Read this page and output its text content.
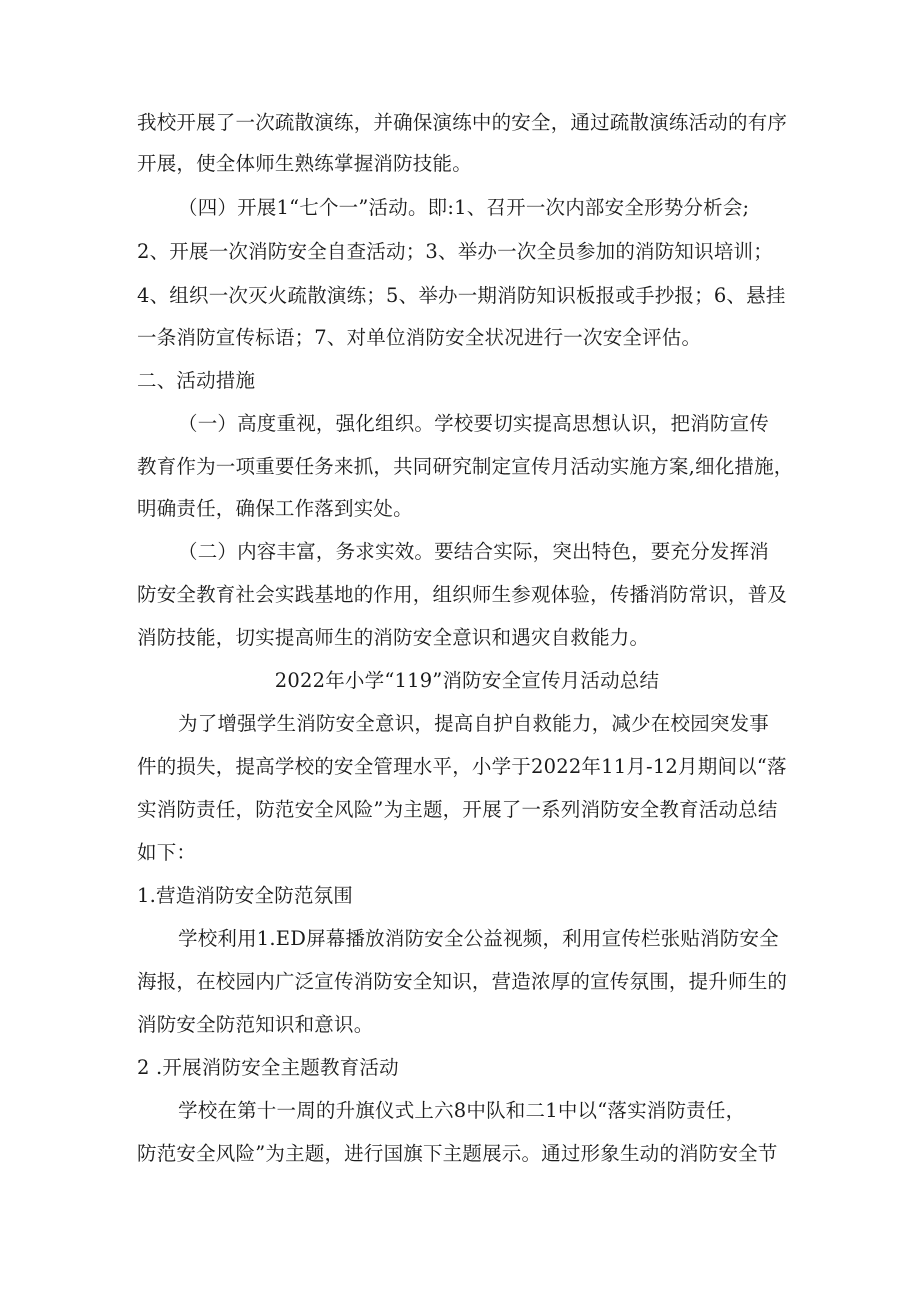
我校开展了一次疏散演练，并确保演练中的安全，通过疏散演练活动的有序
开展，使全体师生熟练掌握消防技能。
（四）开展1“七个一”活动。即:1、召开一次内部安全形势分析会;
2、开展一次消防安全自查活动；3、举办一次全员参加的消防知识培训；
4、组织一次灭火疏散演练；5、举办一期消防知识板报或手抄报；6、悬挂
一条消防宣传标语；7、对单位消防安全状况进行一次安全评估。
二、活动措施
（一）高度重视，强化组织。学校要切实提高思想认识，把消防宣传
教育作为一项重要任务来抓，共同研究制定宣传月活动实施方案,细化措施，
明确责任，确保工作落到实处。
（二）内容丰富，务求实效。要结合实际，突出特色，要充分发挥消
防安全教育社会实践基地的作用，组织师生参观体验，传播消防常识，普及
消防技能，切实提高师生的消防安全意识和遇灾自救能力。
2022年小学“119”消防安全宣传月活动总结
为了增强学生消防安全意识，提高自护自救能力，减少在校园突发事
件的损失，提高学校的安全管理水平，小学于2022年11月-12月期间以“落
实消防责任，防范安全风险”为主题，开展了一系列消防安全教育活动总结
如下：
1.营造消防安全防范氛围
学校利用1.ED屏幕播放消防安全公益视频，利用宣传栏张贴消防安全
海报，在校园内广泛宣传消防安全知识，营造浓厚的宣传氛围，提升师生的
消防安全防范知识和意识。
2 .开展消防安全主题教育活动
学校在第十一周的升旗仪式上六8中队和二1中以“落实消防责任，
防范安全风险”为主题，进行国旗下主题展示。通过形象生动的消防安全节
